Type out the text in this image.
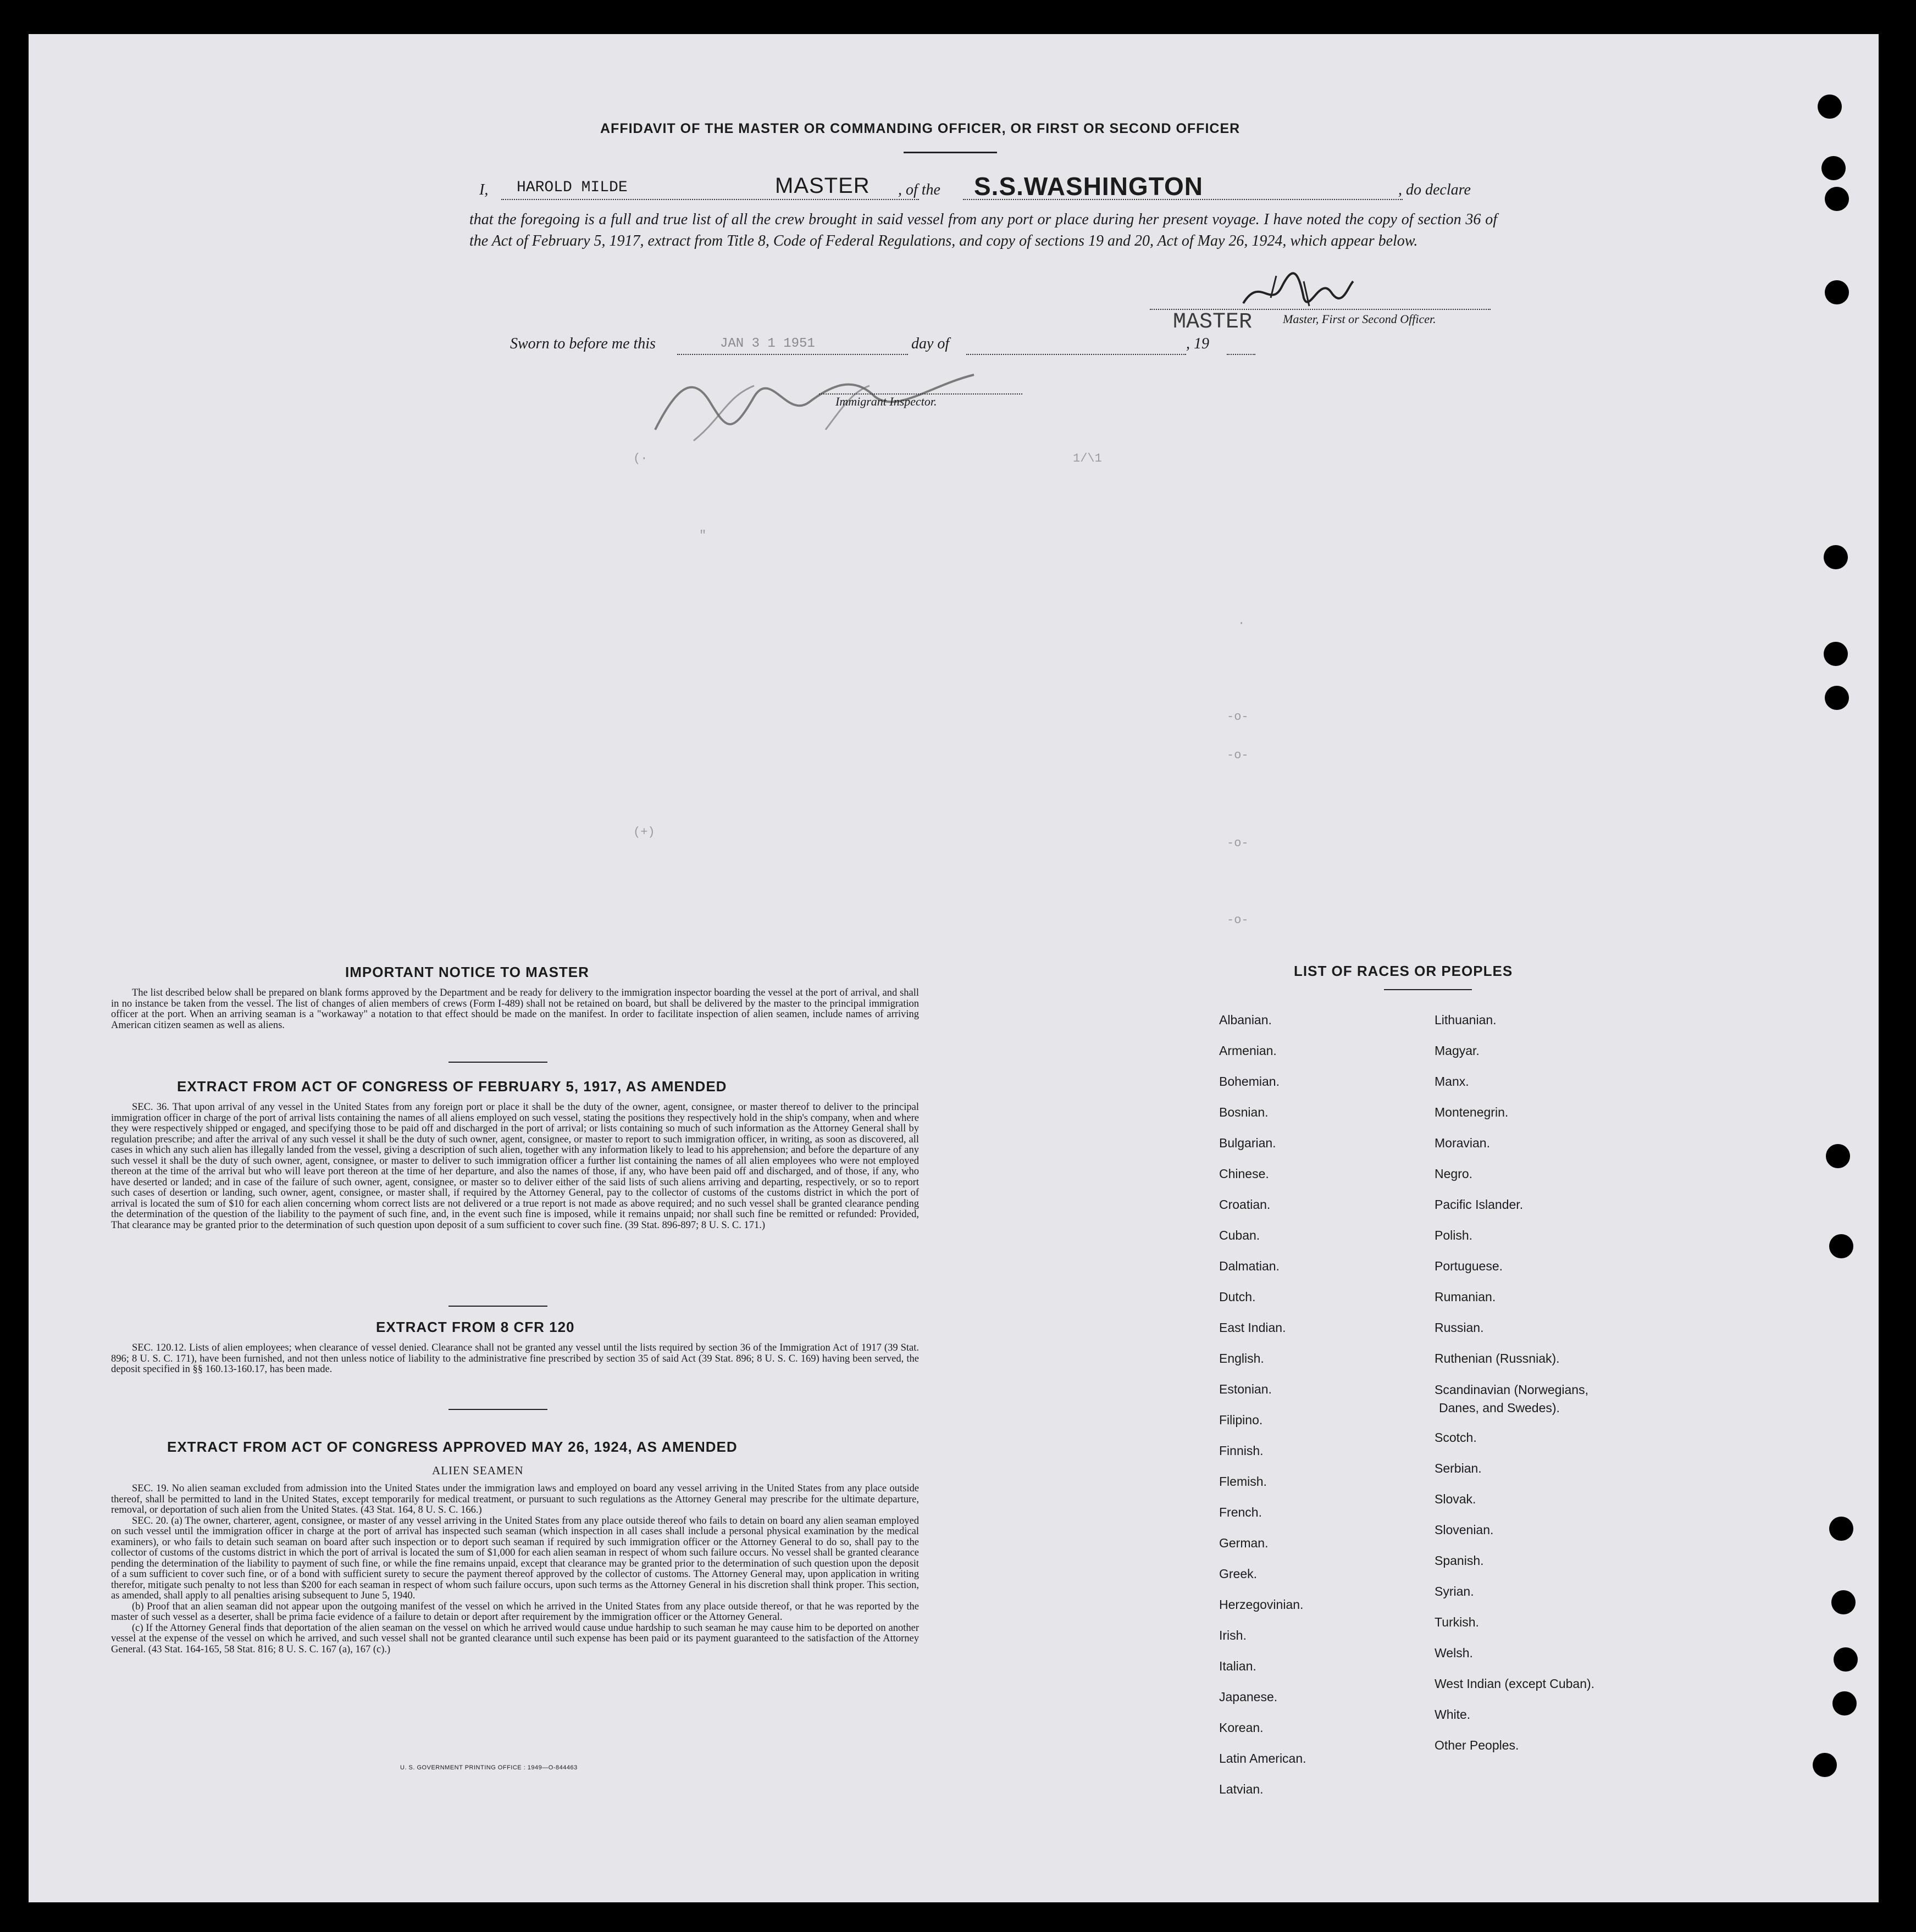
AFFIDAVIT OF THE MASTER OR COMMANDING OFFICER, OR FIRST OR SECOND OFFICER
I, HAROLD MILDE	MASTER , of the S.S.WASHINGTON	, do declare
that the foregoing is a full and true list of all the crew brought in said vessel from any port or place during her present voyage. I have noted the copy of section 36 of the Act of February 5, 1917, extract from Title 8, Code of Federal Regulations, and copy of sections 19 and 20, Act of May 26, 1924, which appear below.
MASTER	Master, First or Second Officer.
Sworn to before me this	JAN 3 1 1951	day of	, 19
Immigrant Inspector.
(·	1/\1
"
·
-o-
-o-
-o-
-o-
(+)
IMPORTANT NOTICE TO MASTER

The list described below shall be prepared on blank forms approved by the Department and be ready for delivery to the immigration inspector boarding the vessel at the port of arrival, and shall in no instance be taken from the vessel. The list of changes of alien members of crews (Form I-489) shall not be retained on board, but shall be delivered by the master to the principal immigration officer at the port. When an arriving seaman is a "workaway" a notation to that effect should be made on the manifest. In order to facilitate inspection of alien seamen, include names of arriving American citizen seamen as well as aliens.

EXTRACT FROM ACT OF CONGRESS OF FEBRUARY 5, 1917, AS AMENDED

SEC. 36. That upon arrival of any vessel in the United States from any foreign port or place it shall be the duty of the owner, agent, consignee, or master thereof to deliver to the principal immigration officer in charge of the port of arrival lists containing the names of all aliens employed on such vessel, stating the positions they respectively hold in the ship's company, when and where they were respectively shipped or engaged, and specifying those to be paid off and discharged in the port of arrival; or lists containing so much of such information as the Attorney General shall by regulation prescribe; and after the arrival of any such vessel it shall be the duty of such owner, agent, consignee, or master to report to such immigration officer, in writing, as soon as discovered, all cases in which any such alien has illegally landed from the vessel, giving a description of such alien, together with any information likely to lead to his apprehension; and before the departure of any such vessel it shall be the duty of such owner, agent, consignee, or master to deliver to such immigration officer a further list containing the names of all alien employees who were not employed thereon at the time of the arrival but who will leave port thereon at the time of her departure, and also the names of those, if any, who have been paid off and discharged, and of those, if any, who have deserted or landed; and in case of the failure of such owner, agent, consignee, or master so to deliver either of the said lists of such aliens arriving and departing, respectively, or so to report such cases of desertion or landing, such owner, agent, consignee, or master shall, if required by the Attorney General, pay to the collector of customs of the customs district in which the port of arrival is located the sum of $10 for each alien concerning whom correct lists are not delivered or a true report is not made as above required; and no such vessel shall be granted clearance pending the determination of the question of the liability to the payment of such fine, and, in the event such fine is imposed, while it remains unpaid; nor shall such fine be remitted or refunded: Provided, That clearance may be granted prior to the determination of such question upon deposit of a sum sufficient to cover such fine. (39 Stat. 896-897; 8 U. S. C. 171.)

EXTRACT FROM 8 CFR 120

SEC. 120.12. Lists of alien employees; when clearance of vessel denied. Clearance shall not be granted any vessel until the lists required by section 36 of the Immigration Act of 1917 (39 Stat. 896; 8 U. S. C. 171), have been furnished, and not then unless notice of liability to the administrative fine prescribed by section 35 of said Act (39 Stat. 896; 8 U. S. C. 169) having been served, the deposit specified in §§ 160.13-160.17, has been made.

EXTRACT FROM ACT OF CONGRESS APPROVED MAY 26, 1924, AS AMENDED
ALIEN SEAMEN

SEC. 19. No alien seaman excluded from admission into the United States under the immigration laws and employed on board any vessel arriving in the United States from any place outside thereof, shall be permitted to land in the United States, except temporarily for medical treatment, or pursuant to such regulations as the Attorney General may prescribe for the ultimate departure, removal, or deportation of such alien from the United States. (43 Stat. 164, 8 U. S. C. 166.)

SEC. 20. (a) The owner, charterer, agent, consignee, or master of any vessel arriving in the United States from any place outside thereof who fails to detain on board any alien seaman employed on such vessel until the immigration officer in charge at the port of arrival has inspected such seaman (which inspection in all cases shall include a personal physical examination by the medical examiners), or who fails to detain such seaman on board after such inspection or to deport such seaman if required by such immigration officer or the Attorney General to do so, shall pay to the collector of customs of the customs district in which the port of arrival is located the sum of $1,000 for each alien seaman in respect of whom such failure occurs. No vessel shall be granted clearance pending the determination of the liability to payment of such fine, or while the fine remains unpaid, except that clearance may be granted prior to the determination of such question upon the deposit of a sum sufficient to cover such fine, or of a bond with sufficient surety to secure the payment thereof approved by the collector of customs. The Attorney General may, upon application in writing therefor, mitigate such penalty to not less than $200 for each seaman in respect of whom such failure occurs, upon such terms as the Attorney General in his discretion shall think proper. This section, as amended, shall apply to all penalties arising subsequent to June 5, 1940.

(b) Proof that an alien seaman did not appear upon the outgoing manifest of the vessel on which he arrived in the United States from any place outside thereof, or that he was reported by the master of such vessel as a deserter, shall be prima facie evidence of a failure to detain or deport after requirement by the immigration officer or the Attorney General.

(c) If the Attorney General finds that deportation of the alien seaman on the vessel on which he arrived would cause undue hardship to such seaman he may cause him to be deported on another vessel at the expense of the vessel on which he arrived, and such vessel shall not be granted clearance until such expense has been paid or its payment guaranteed to the satisfaction of the Attorney General. (43 Stat. 164-165, 58 Stat. 816; 8 U. S. C. 167 (a), 167 (c).)

U. S. GOVERNMENT PRINTING OFFICE : 1949—O-844463
LIST OF RACES OR PEOPLES
Albanian.
Armenian.
Bohemian.
Bosnian.
Bulgarian.
Chinese.
Croatian.
Cuban.
Dalmatian.
Dutch.
East Indian.
English.
Estonian.
Filipino.
Finnish.
Flemish.
French.
German.
Greek.
Herzegovinian.
Irish.
Italian.
Japanese.
Korean.
Latin American.
Latvian.
Lithuanian.
Magyar.
Manx.
Montenegrin.
Moravian.
Negro.
Pacific Islander.
Polish.
Portuguese.
Rumanian.
Russian.
Ruthenian (Russniak).
Scandinavian (Norwegians,
Danes, and Swedes).
Scotch.
Serbian.
Slovak.
Slovenian.
Spanish.
Syrian.
Turkish.
Welsh.
West Indian (except Cuban).
White.
Other Peoples.
